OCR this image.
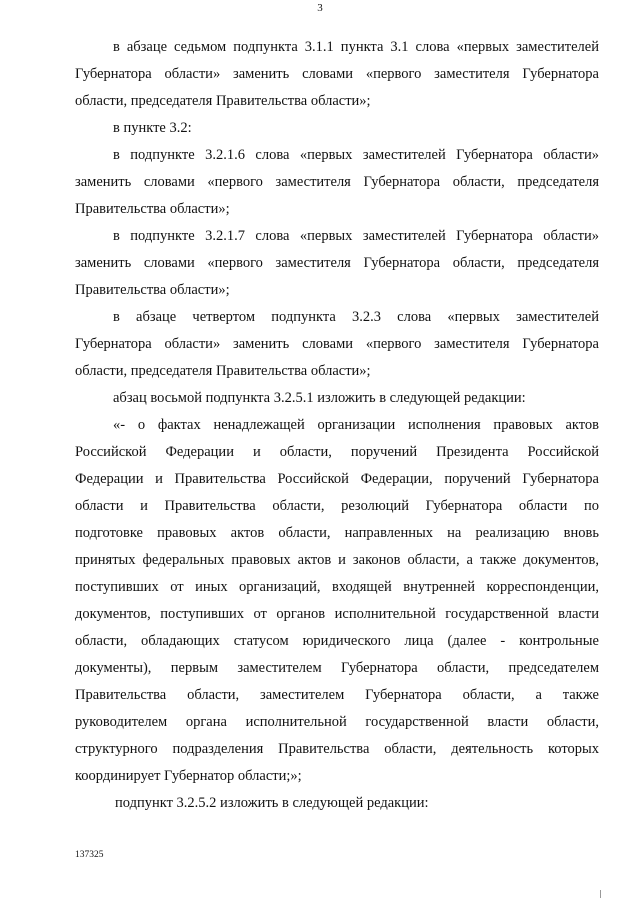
3
в абзаце седьмом подпункта 3.1.1 пункта 3.1 слова «первых заместителей
Губернатора области» заменить словами «первого заместителя Губернатора
области, председателя Правительства области»;
в пункте 3.2:
в подпункте 3.2.1.6 слова «первых заместителей Губернатора области»
заменить словами «первого заместителя Губернатора области, председателя
Правительства области»;
в подпункте 3.2.1.7 слова «первых заместителей Губернатора области»
заменить словами «первого заместителя Губернатора области, председателя
Правительства области»;
в абзаце четвертом подпункта 3.2.3 слова «первых заместителей
Губернатора области» заменить словами «первого заместителя Губернатора
области, председателя Правительства области»;
абзац восьмой подпункта 3.2.5.1 изложить в следующей редакции:
«- о фактах ненадлежащей организации исполнения правовых актов
Российской Федерации и области, поручений Президента Российской
Федерации и Правительства Российской Федерации, поручений Губернатора
области и Правительства области, резолюций Губернатора области по
подготовке правовых актов области, направленных на реализацию вновь
принятых федеральных правовых актов и законов области, а также документов,
поступивших от иных организаций, входящей внутренней корреспонденции,
документов, поступивших от органов исполнительной государственной власти
области, обладающих статусом юридического лица (далее - контрольные
документы), первым заместителем Губернатора области, председателем
Правительства области, заместителем Губернатора области, а также
руководителем органа исполнительной государственной власти области,
структурного подразделения Правительства области, деятельность которых
координирует Губернатор области;»;
подпункт 3.2.5.2 изложить в следующей редакции:
137325
